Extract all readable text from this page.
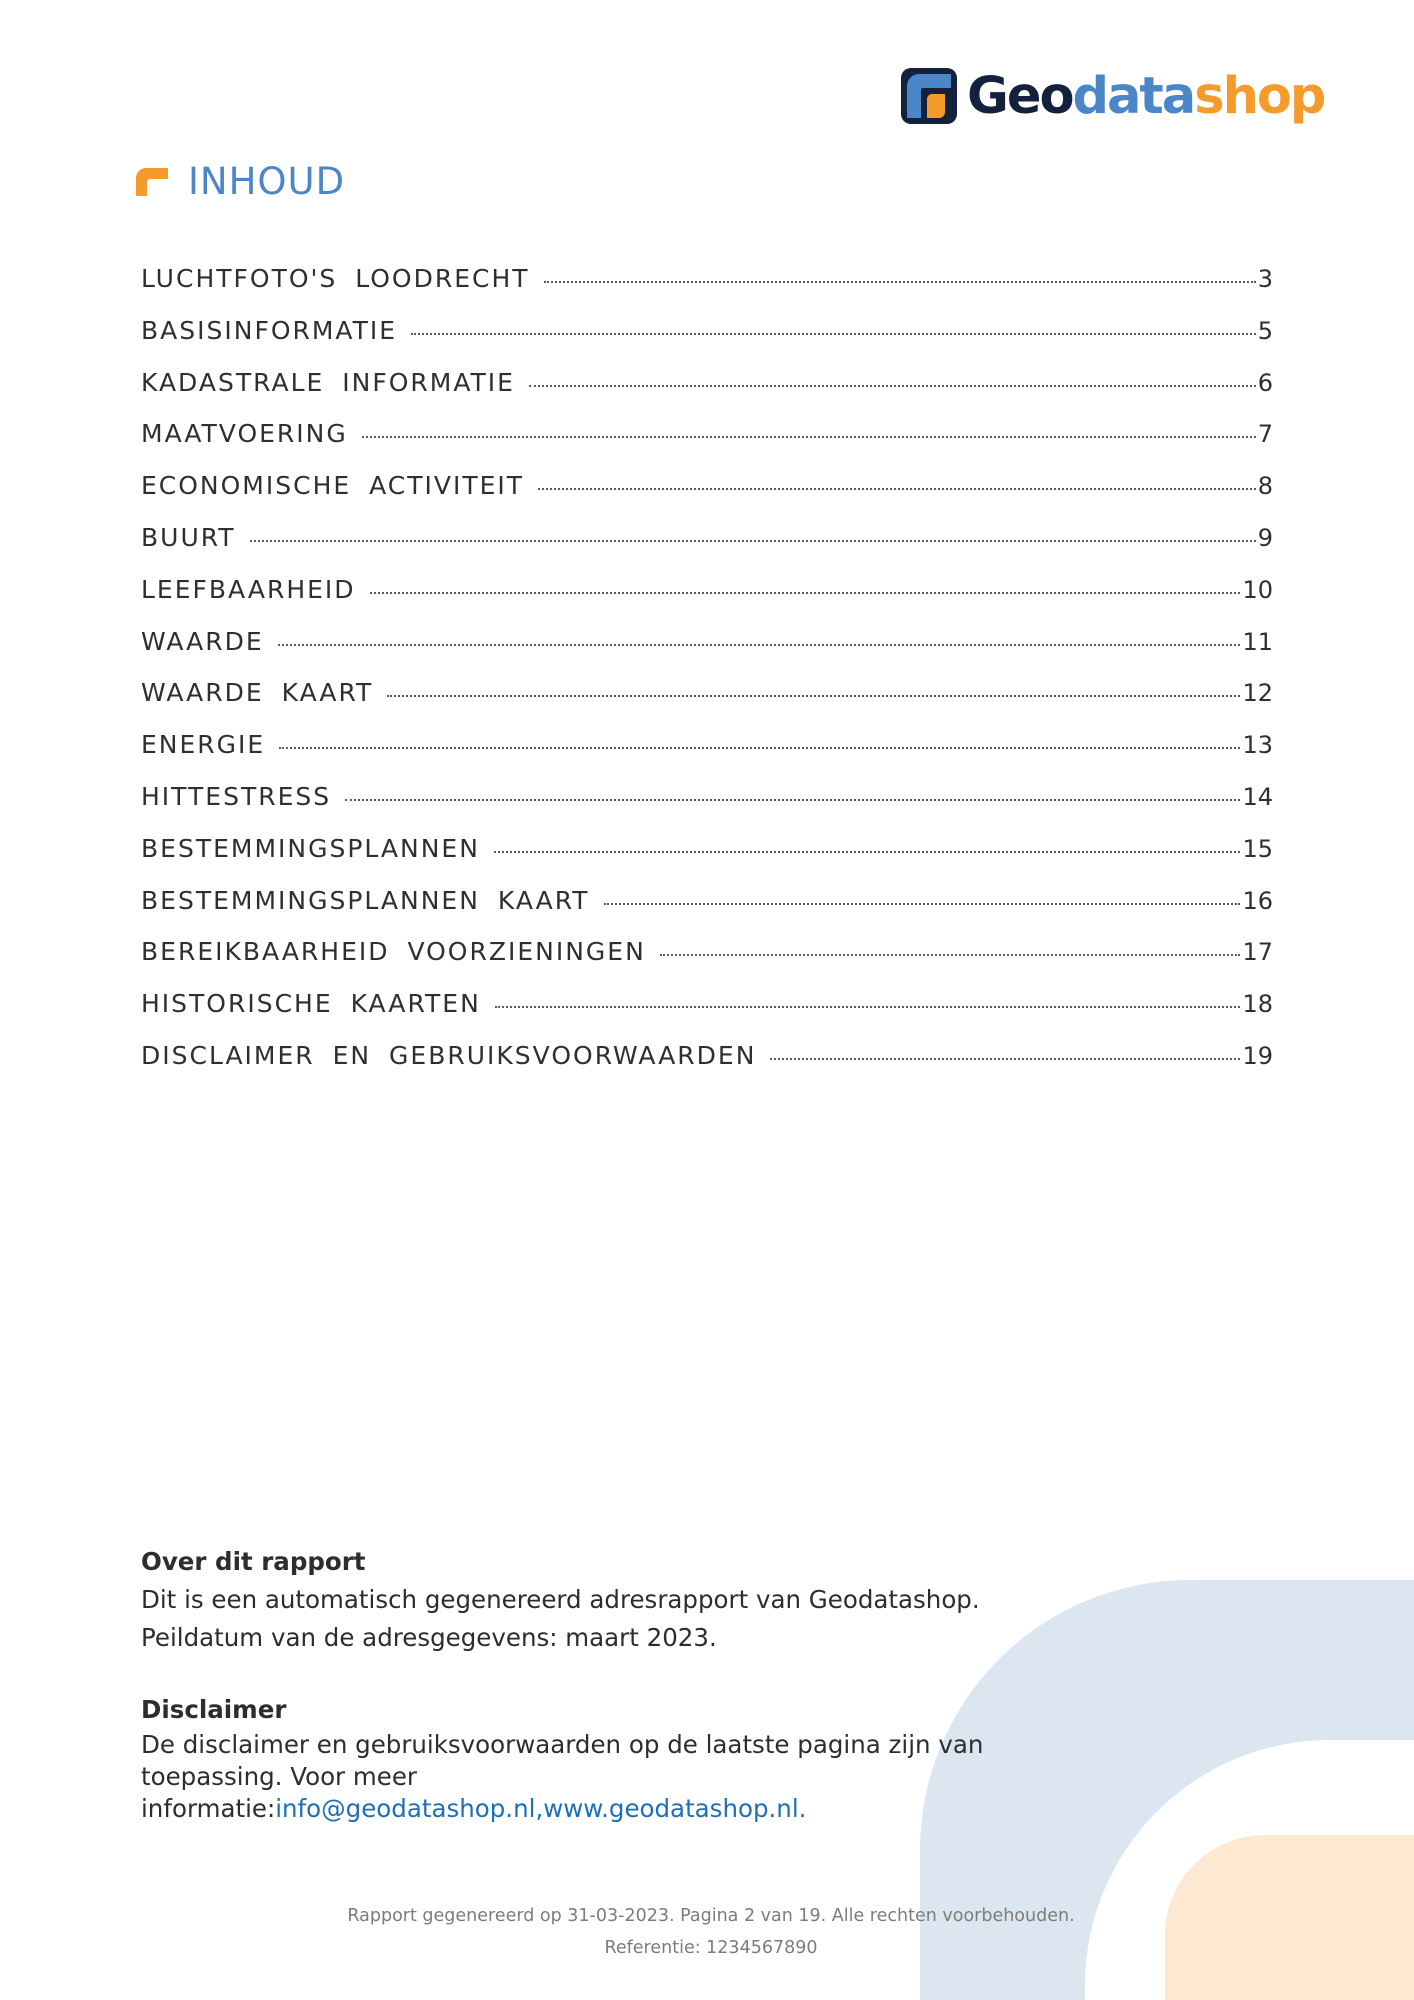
Geodatashop
INHOUD
LUCHTFOTO'S LOODRECHT	3
BASISINFORMATIE	5
KADASTRALE INFORMATIE	6
MAATVOERING	7
ECONOMISCHE ACTIVITEIT	8
BUURT	9
LEEFBAARHEID	10
WAARDE	11
WAARDE KAART	12
ENERGIE	13
HITTESTRESS	14
BESTEMMINGSPLANNEN	15
BESTEMMINGSPLANNEN KAART	16
BEREIKBAARHEID VOORZIENINGEN	17
HISTORISCHE KAARTEN	18
DISCLAIMER EN GEBRUIKSVOORWAARDEN	19
Over dit rapport
Dit is een automatisch gegenereerd adresrapport van Geodatashop.
Peildatum van de adresgegevens: maart 2023.
Disclaimer
De disclaimer en gebruiksvoorwaarden op de laatste pagina zijn van
toepassing. Voor meer informatie:info@geodatashop.nl,www.geodatashop.nl.
Rapport gegenereerd op 31-03-2023. Pagina 2 van 19. Alle rechten voorbehouden.
Referentie: 1234567890
